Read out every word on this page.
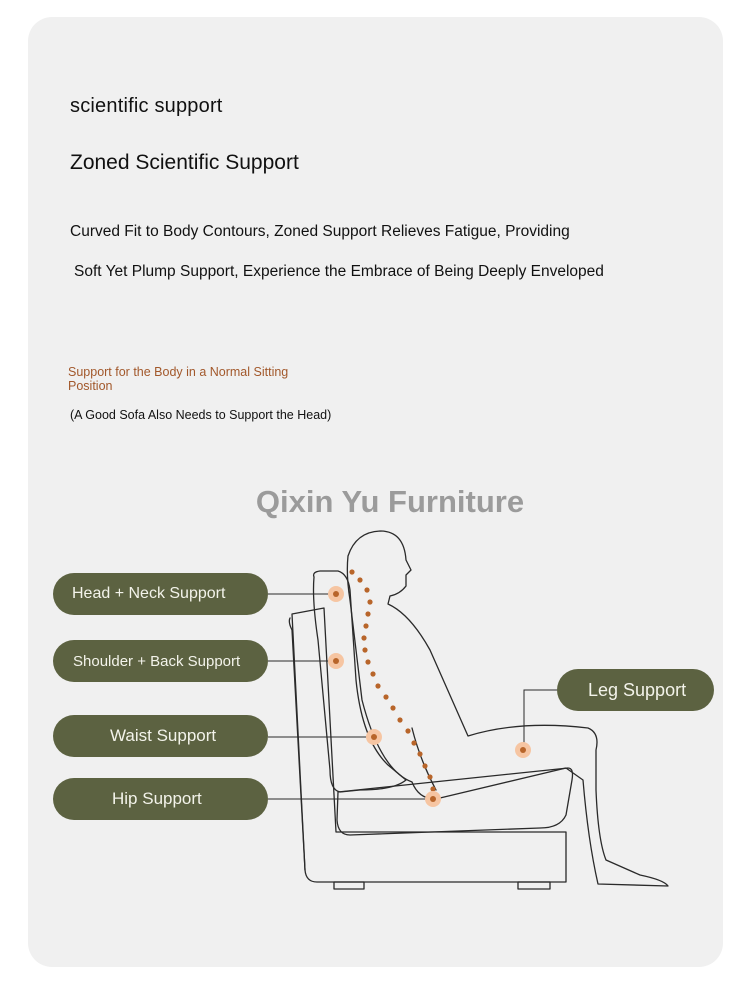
scientific support
Zoned Scientific Support
Curved Fit to Body Contours, Zoned Support Relieves Fatigue, Providing
Soft Yet Plump Support, Experience the Embrace of Being Deeply Enveloped
Support for the Body in a Normal Sitting Position
(A Good Sofa Also Needs to Support the Head)
Qixin Yu Furniture
Head + Neck Support
Shoulder + Back Support
Waist Support
Hip Support
Leg Support
